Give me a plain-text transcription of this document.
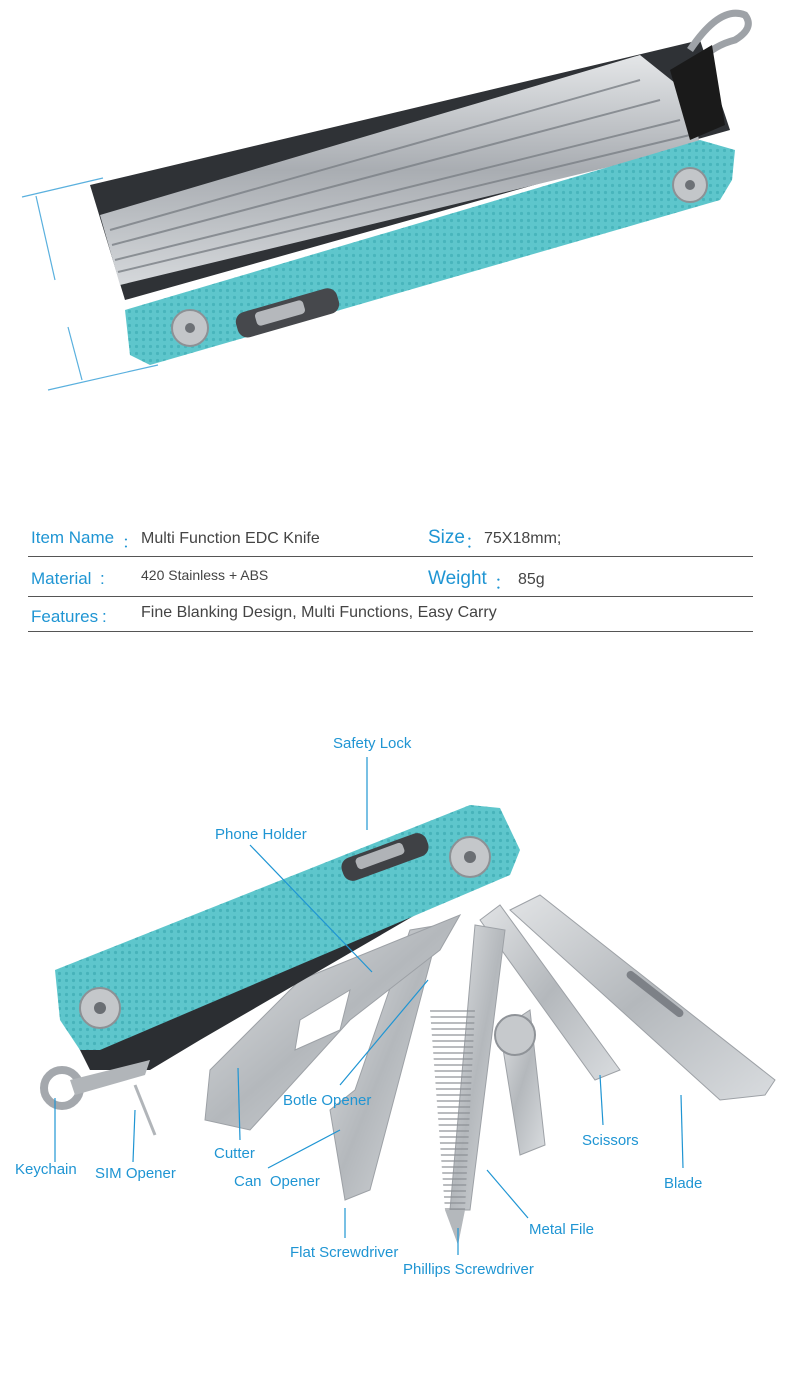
Item Name ： Multi Function EDC Knife	Size ： 75X18mm;
Material :	420 Stainless + ABS	Weight ： 85g
Features : Fine Blanking Design, Multi Functions, Easy Carry
Safety Lock
Phone Holder
Botle Opener
Cutter
Can  Opener
Keychain SIM Opener
Scissors
Blade
Metal File
Flat Screwdriver
Phillips Screwdriver
